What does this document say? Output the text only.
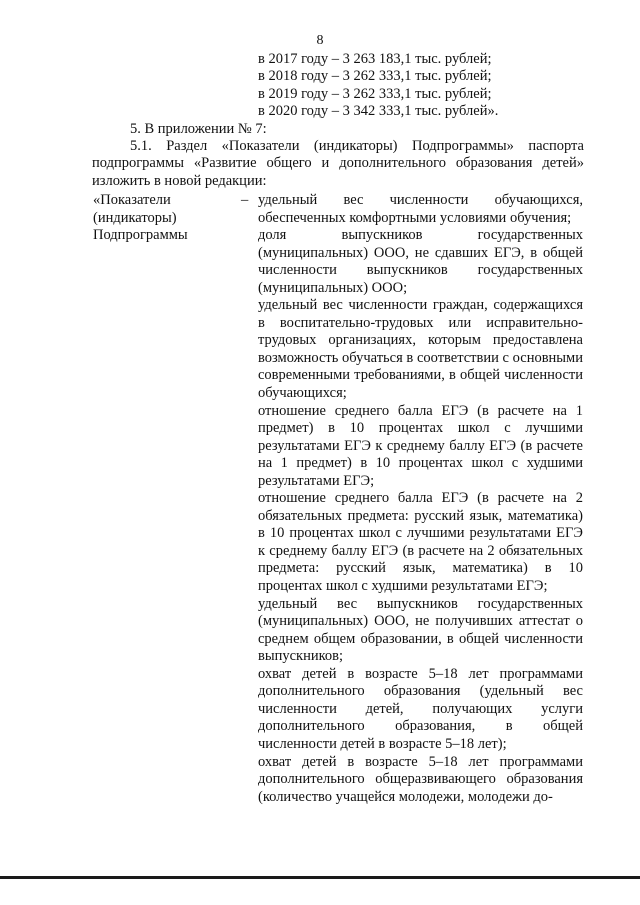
8
в 2017 году – 3 263 183,1 тыс. рублей;
в 2018 году – 3 262 333,1 тыс. рублей;
в 2019 году – 3 262 333,1 тыс. рублей;
в 2020 году – 3 342 333,1 тыс. рублей».
5. В приложении № 7:
5.1. Раздел «Показатели (индикаторы) Подпрограммы» паспорта подпрограммы «Развитие общего и дополнительного образования детей» изложить в новой редакции:
«Показатели
(индикаторы)
Подпрограммы
– удельный вес численности обучающихся, обеспеченных комфортными условиями обучения;

доля выпускников государственных (муниципальных) ООО, не сдавших ЕГЭ, в общей численности выпускников государственных (муниципальных) ООО;

удельный вес численности граждан, содержащихся в воспитательно-трудовых или исправительно-трудовых организациях, которым предоставлена возможность обучаться в соответствии с основными современными требованиями, в общей численности обучающихся;

отношение среднего балла ЕГЭ (в расчете на 1 предмет) в 10 процентах школ с лучшими результатами ЕГЭ к среднему баллу ЕГЭ (в расчете на 1 предмет) в 10 процентах школ с худшими результатами ЕГЭ;

отношение среднего балла ЕГЭ (в расчете на 2 обязательных предмета: русский язык, математика) в 10 процентах школ с лучшими результатами ЕГЭ к среднему баллу ЕГЭ (в расчете на 2 обязательных предмета: русский язык, математика) в 10 процентах школ с худшими результатами ЕГЭ;

удельный вес выпускников государственных (муниципальных) ООО, не получивших аттестат о среднем общем образовании, в общей численности выпускников;

охват детей в возрасте 5–18 лет программами дополнительного образования (удельный вес численности детей, получающих услуги дополнительного образования, в общей численности детей в возрасте 5–18 лет);

охват детей в возрасте 5–18 лет программами дополнительного общеразвивающего образования (количество учащейся молодежи, молодежи до-
